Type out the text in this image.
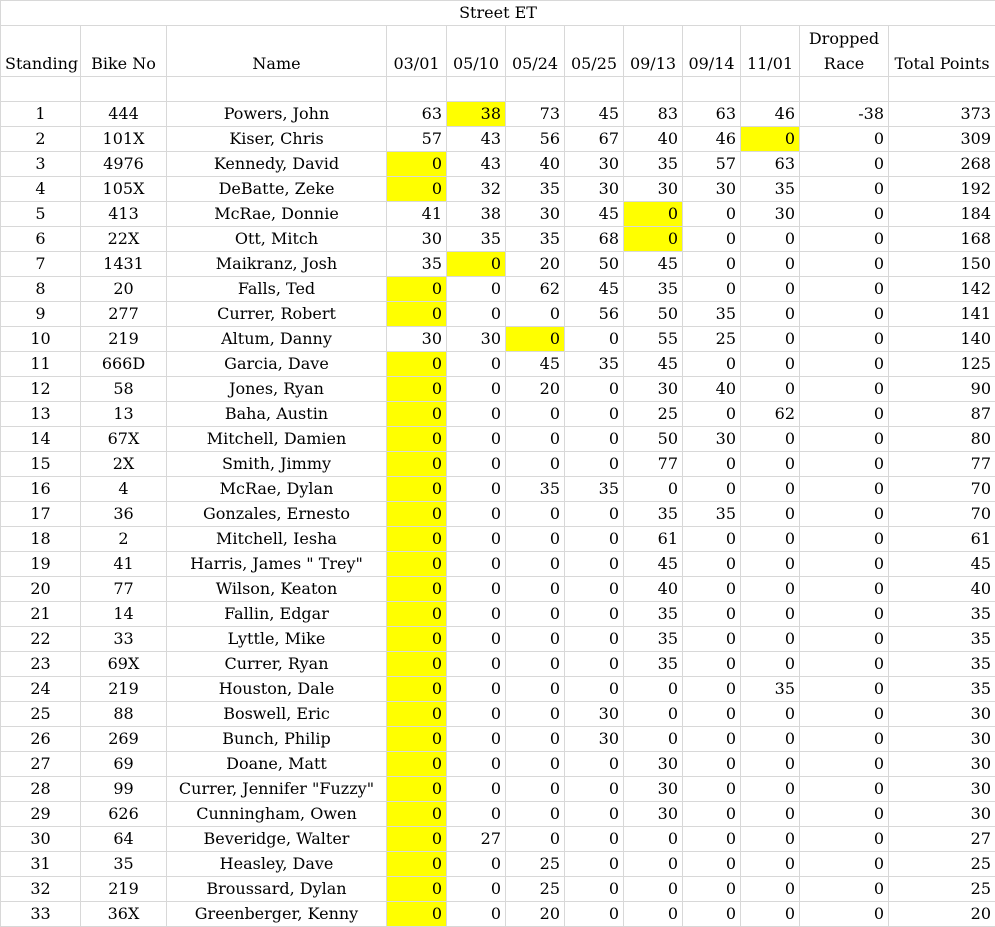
Street ET											
										Dropped	
Standing	Bike No	Name	03/01	05/10	05/24	05/25	09/13	09/14	11/01	Race	Total Points

1	444	Powers, John	63	38	73	45	83	63	46	-38	373
2	101X	Kiser, Chris	57	43	56	67	40	46	0	0	309
3	4976	Kennedy, David	0	43	40	30	35	57	63	0	268
4	105X	DeBatte, Zeke	0	32	35	30	30	30	35	0	192
5	413	McRae, Donnie	41	38	30	45	0	0	30	0	184
6	22X	Ott, Mitch	30	35	35	68	0	0	0	0	168
7	1431	Maikranz, Josh	35	0	20	50	45	0	0	0	150
8	20	Falls, Ted	0	0	62	45	35	0	0	0	142
9	277	Currer, Robert	0	0	0	56	50	35	0	0	141
10	219	Altum, Danny	30	30	0	0	55	25	0	0	140
11	666D	Garcia, Dave	0	0	45	35	45	0	0	0	125
12	58	Jones, Ryan	0	0	20	0	30	40	0	0	90
13	13	Baha, Austin	0	0	0	0	25	0	62	0	87
14	67X	Mitchell, Damien	0	0	0	0	50	30	0	0	80
15	2X	Smith, Jimmy	0	0	0	0	77	0	0	0	77
16	4	McRae, Dylan	0	0	35	35	0	0	0	0	70
17	36	Gonzales, Ernesto	0	0	0	0	35	35	0	0	70
18	2	Mitchell, Iesha	0	0	0	0	61	0	0	0	61
19	41	Harris, James " Trey"	0	0	0	0	45	0	0	0	45
20	77	Wilson, Keaton	0	0	0	0	40	0	0	0	40
21	14	Fallin, Edgar	0	0	0	0	35	0	0	0	35
22	33	Lyttle, Mike	0	0	0	0	35	0	0	0	35
23	69X	Currer, Ryan	0	0	0	0	35	0	0	0	35
24	219	Houston, Dale	0	0	0	0	0	0	35	0	35
25	88	Boswell, Eric	0	0	0	30	0	0	0	0	30
26	269	Bunch, Philip	0	0	0	30	0	0	0	0	30
27	69	Doane, Matt	0	0	0	0	30	0	0	0	30
28	99	Currer, Jennifer "Fuzzy"	0	0	0	0	30	0	0	0	30
29	626	Cunningham, Owen	0	0	0	0	30	0	0	0	30
30	64	Beveridge, Walter	0	27	0	0	0	0	0	0	27
31	35	Heasley, Dave	0	0	25	0	0	0	0	0	25
32	219	Broussard, Dylan	0	0	25	0	0	0	0	0	25
33	36X	Greenberger, Kenny	0	0	20	0	0	0	0	0	20
